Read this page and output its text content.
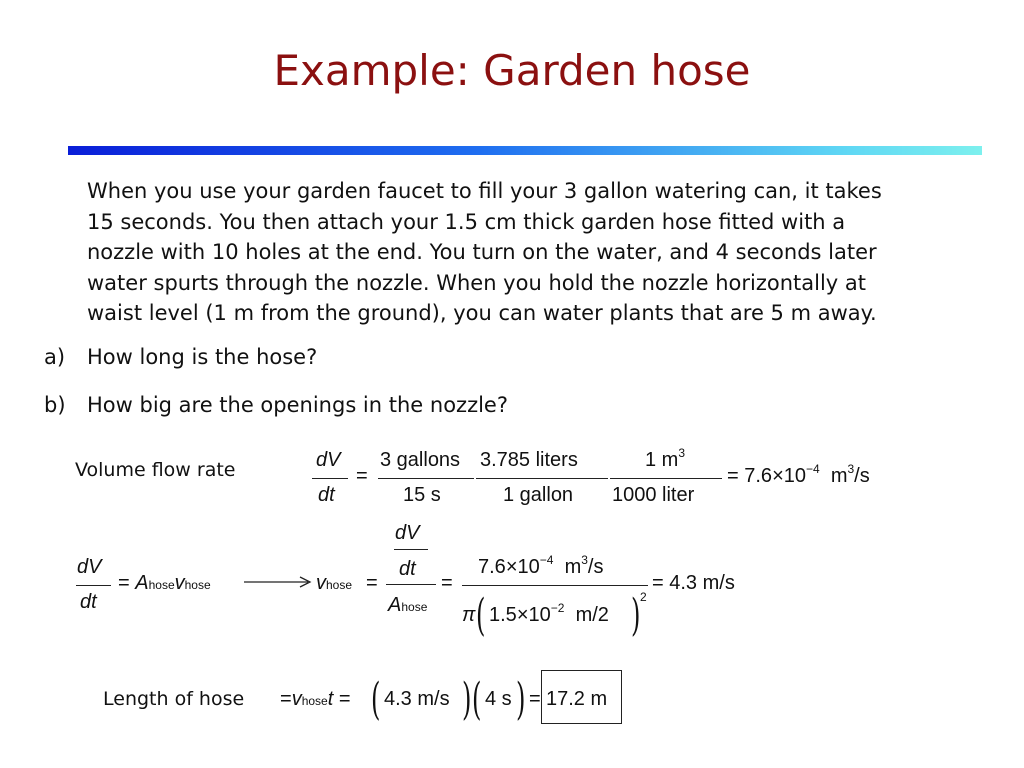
Example: Garden hose
When you use your garden faucet to fill your 3 gallon watering can, it takes
15 seconds. You then attach your 1.5 cm thick garden hose fitted with a
nozzle with 10 holes at the end. You turn on the water, and 4 seconds later
water spurts through the nozzle. When you hold the nozzle horizontally at
waist level (1 m from the ground), you can water plants that are 5 m away.
a) How long is the hose?
b) How big are the openings in the nozzle?
Volume flow rate	dV
dt
=
3 gallons
15 s
3.785 liters
1 gallon
1 $m^3$
1000 liter
= $7.6\times 10^{-4}$ $m^3/s$
dV
dt
= Ahosevhose	vhose =
dV
dt
Ahose
=
$7.6\times 10^{-4}$ $m^3/s$
π ( $1.5\times 10^{-2}$ m/2 ) 2
= 4.3 m/s
Length of hose =vhoset = ( 4.3 m/s ) ( 4 s ) = 17.2 m
